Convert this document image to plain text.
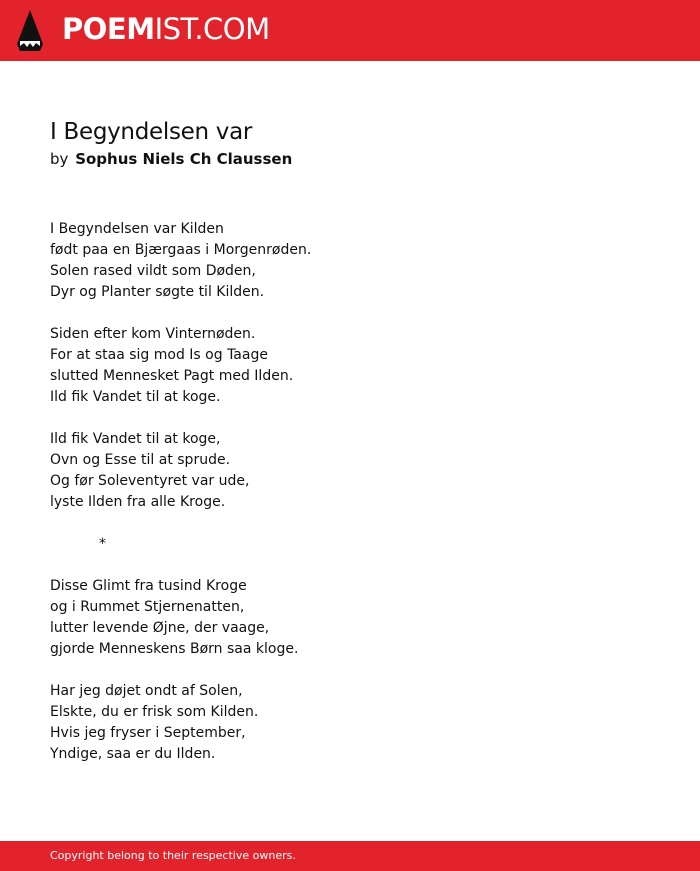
POEMIST.COM
I Begyndelsen var
by Sophus Niels Ch Claussen
I Begyndelsen var Kilden
født paa en Bjærgaas i Morgenrøden.
Solen rased vildt som Døden,
Dyr og Planter søgte til Kilden.
Siden efter kom Vinternøden.
For at staa sig mod Is og Taage
slutted Mennesket Pagt med Ilden.
Ild fik Vandet til at koge.
Ild fik Vandet til at koge,
Ovn og Esse til at sprude.
Og før Soleventyret var ude,
lyste Ilden fra alle Kroge.
*
Disse Glimt fra tusind Kroge
og i Rummet Stjernenatten,
lutter levende Øjne, der vaage,
gjorde Menneskens Børn saa kloge.
Har jeg døjet ondt af Solen,
Elskte, du er frisk som Kilden.
Hvis jeg fryser i September,
Yndige, saa er du Ilden.
Copyright belong to their respective owners.
